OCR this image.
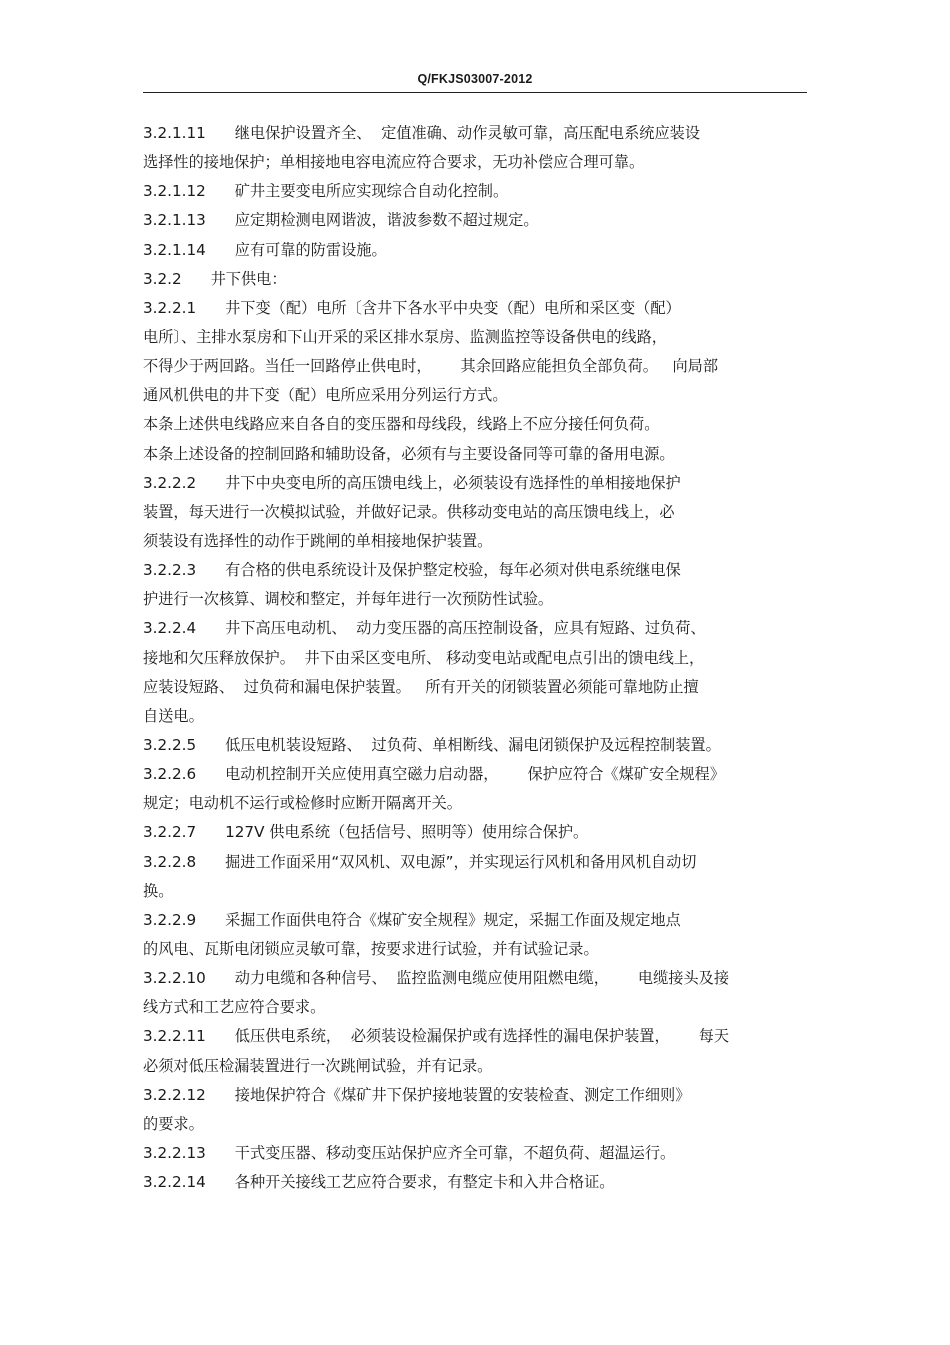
Q/FKJS03007-2012
3.2.1.11      继电保护设置齐全、  定值准确、动作灵敏可靠，高压配电系统应装设
选择性的接地保护；单相接地电容电流应符合要求，无功补偿应合理可靠。
3.2.1.12      矿井主要变电所应实现综合自动化控制。
3.2.1.13      应定期检测电网谐波，谐波参数不超过规定。
3.2.1.14      应有可靠的防雷设施。
3.2.2      井下供电：
3.2.2.1      井下变（配）电所〔含井下各水平中央变（配）电所和采区变（配）
电所〕、主排水泵房和下山开采的采区排水泵房、监测监控等设备供电的线路，
不得少于两回路。当任一回路停止供电时，      其余回路应能担负全部负荷。   向局部
通风机供电的井下变（配）电所应采用分列运行方式。
本条上述供电线路应来自各自的变压器和母线段，线路上不应分接任何负荷。
本条上述设备的控制回路和辅助设备，必须有与主要设备同等可靠的备用电源。
3.2.2.2      井下中央变电所的高压馈电线上，必须装设有选择性的单相接地保护
装置，每天进行一次模拟试验，并做好记录。供移动变电站的高压馈电线上，必
须装设有选择性的动作于跳闸的单相接地保护装置。
3.2.2.3      有合格的供电系统设计及保护整定校验，每年必须对供电系统继电保
护进行一次核算、调校和整定，并每年进行一次预防性试验。
3.2.2.4      井下高压电动机、  动力变压器的高压控制设备，应具有短路、过负荷、
接地和欠压释放保护。  井下由采区变电所、 移动变电站或配电点引出的馈电线上，
应装设短路、  过负荷和漏电保护装置。   所有开关的闭锁装置必须能可靠地防止擅
自送电。
3.2.2.5      低压电机装设短路、  过负荷、单相断线、漏电闭锁保护及远程控制装置。
3.2.2.6      电动机控制开关应使用真空磁力启动器，      保护应符合《煤矿安全规程》
规定；电动机不运行或检修时应断开隔离开关。
3.2.2.7      127V 供电系统（包括信号、照明等）使用综合保护。
3.2.2.8      掘进工作面采用“双风机、双电源”，并实现运行风机和备用风机自动切
换。
3.2.2.9      采掘工作面供电符合《煤矿安全规程》规定，采掘工作面及规定地点
的风电、瓦斯电闭锁应灵敏可靠，按要求进行试验，并有试验记录。
3.2.2.10      动力电缆和各种信号、  监控监测电缆应使用阻燃电缆，      电缆接头及接
线方式和工艺应符合要求。
3.2.2.11      低压供电系统，  必须装设检漏保护或有选择性的漏电保护装置，      每天
必须对低压检漏装置进行一次跳闸试验，并有记录。
3.2.2.12      接地保护符合《煤矿井下保护接地装置的安装检查、测定工作细则》
的要求。
3.2.2.13      干式变压器、移动变压站保护应齐全可靠，不超负荷、超温运行。
3.2.2.14      各种开关接线工艺应符合要求，有整定卡和入井合格证。
